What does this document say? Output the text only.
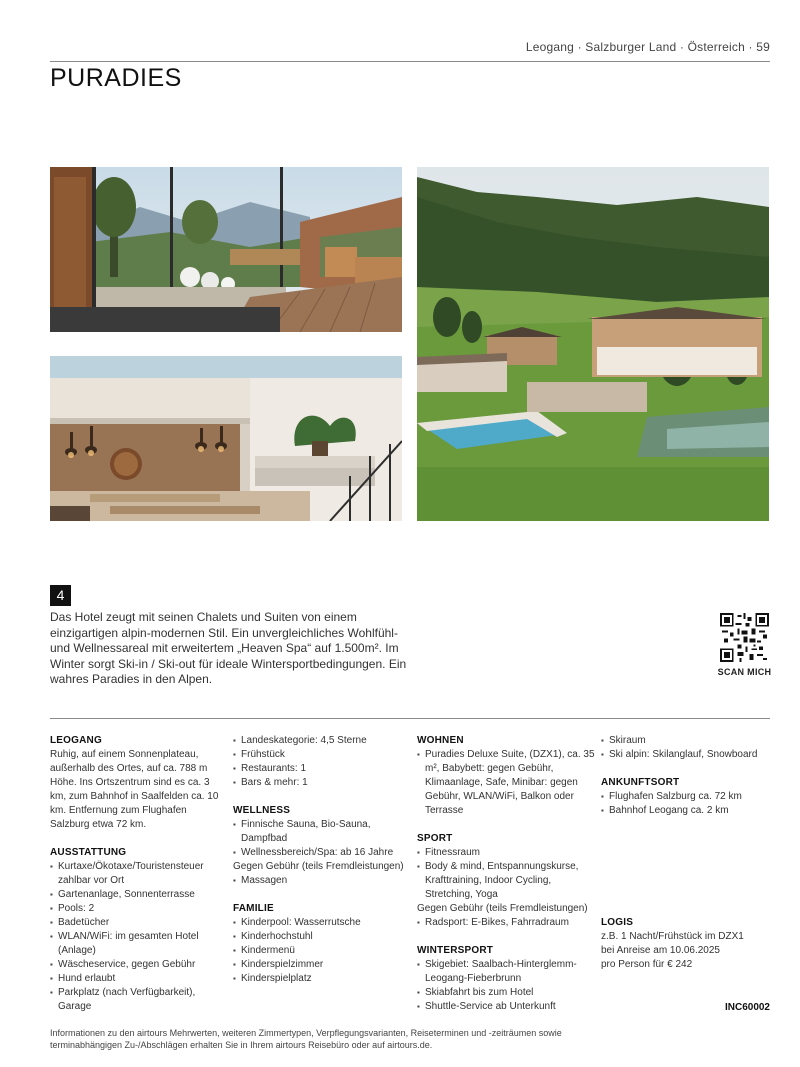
Leogang · Salzburger Land · Österreich · 59
PURADIES
4

Das Hotel zeugt mit seinen Chalets und Suiten von einem einzigartigen alpin-modernen Stil. Ein unvergleichliches Wohlfühl- und Wellnessareal mit erweitertem „Heaven Spa“ auf 1.500m². Im Winter sorgt Ski-in / Ski-out für ideale Wintersportbedingungen. Ein wahres Paradies in den Alpen.	SCAN MICH
LEOGANG

Ruhig, auf einem Sonnenplateau, außerhalb des Ortes, auf ca. 788 m Höhe. Ins Ortszentrum sind es ca. 3 km, zum Bahnhof in Saalfelden ca. 10 km. Entfernung zum Flughafen Salzburg etwa 72 km.

AUSSTATTUNG
▪ Kurtaxe/Ökotaxe/Touristensteuer zahlbar vor Ort
▪ Gartenanlage, Sonnenterrasse
▪ Pools: 2
▪ Badetücher
▪ WLAN/WiFi: im gesamten Hotel (Anlage)
▪ Wäscheservice, gegen Gebühr
▪ Hund erlaubt
▪ Parkplatz (nach Verfügbarkeit), Garage
▪ Landeskategorie: 4,5 Sterne
▪ Frühstück
▪ Restaurants: 1
▪ Bars & mehr: 1
WELLNESS
▪ Finnische Sauna, Bio-Sauna, Dampfbad
▪ Wellnessbereich/Spa: ab 16 Jahre

Gegen Gebühr (teils Fremdleistungen)

▪ Massagen
FAMILIE
▪ Kinderpool: Wasserrutsche
▪ Kinderhochstuhl
▪ Kindermenü
▪ Kinderspielzimmer
▪ Kinderspielplatz
WOHNEN
▪ Puradies Deluxe Suite, (DZX1), ca. 35 m², Babybett: gegen Gebühr, Klimaanlage, Safe, Minibar: gegen Gebühr, WLAN/WiFi, Balkon oder Terrasse
SPORT
▪ Fitnessraum
▪ Body & mind, Entspannungskurse, Krafttraining, Indoor Cycling, Stretching, Yoga

Gegen Gebühr (teils Fremdleistungen)

▪ Radsport: E-Bikes, Fahrradraum
WINTERSPORT
▪ Skigebiet: Saalbach-Hinterglemm-Leogang-Fieberbrunn
▪ Skiabfahrt bis zum Hotel
▪ Shuttle-Service ab Unterkunft
▪ Skiraum
▪ Ski alpin: Skilanglauf, Snowboard
ANKUNFTSORT
▪ Flughafen Salzburg ca. 72 km
▪ Bahnhof Leogang ca. 2 km
LOGIS

z.B. 1 Nacht/Frühstück im DZX1

bei Anreise am 10.06.2025

pro Person für € 242

INC60002

Informationen zu den airtours Mehrwerten, weiteren Zimmertypen, Verpflegungsvarianten, Reiseterminen und -zeiträumen sowie terminabhängigen Zu-/Abschlägen erhalten Sie in Ihrem airtours Reisebüro oder auf airtours.de.
